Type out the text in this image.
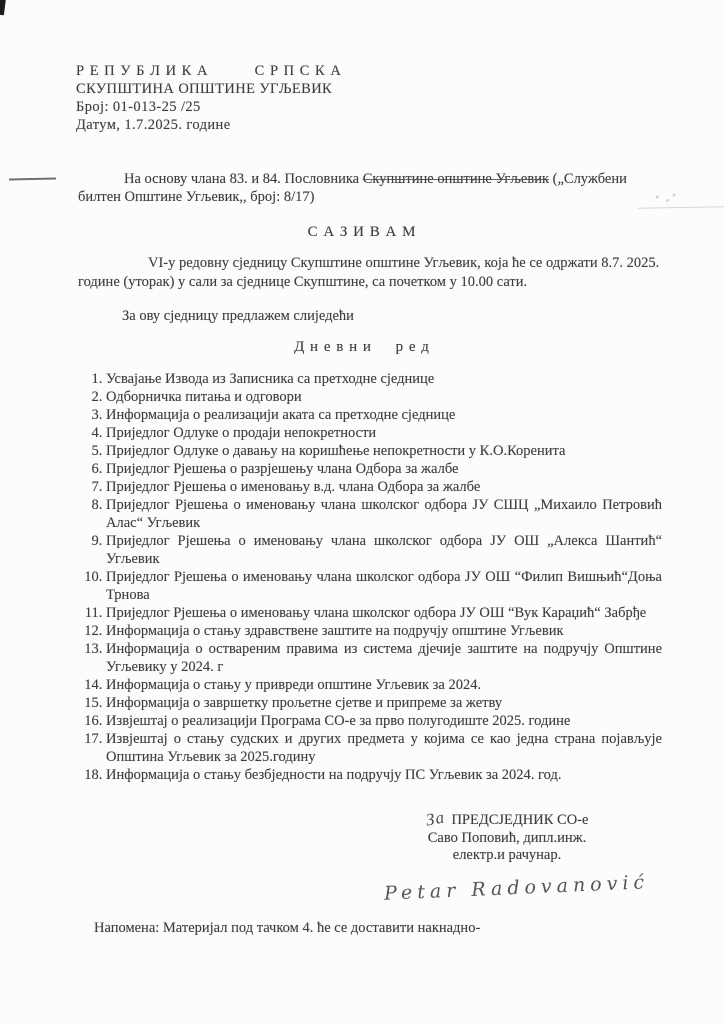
Р Е П У Б Л И К А          С Р П С К А
СКУПШТИНА ОПШТИНЕ УГЉЕВИК
Број: 01-013-25 /25
Датум, 1.7.2025. године

На основу члана 83. и 84. Пословника Скупштине општине Угљевик („Службени билтен Општине Угљевик,, број: 8/17)

С А З И В А М

VI-у редовну сједницу Скупштине општине Угљевик, која ће се одржати 8.7. 2025. године (уторак) у сали за сједнице Скупштине, са почетком у 10.00 сати.

За ову сједницу предлажем слиједећи

Д н е в н и     р е д
1. Усвајање Извода из Записника са претходне сједнице
2. Одборничка питања и одговори
3. Информација о реализацији аката са претходне сједнице
4. Приједлог Одлуке о продаји непокретности
5. Приједлог Одлуке о давању на коришћење непокретности у К.О.Коренита
6. Приједлог Рјешења о разрјешењу члана Одбора за жалбе
7. Приједлог Рјешења о именовању в.д. члана Одбора за жалбе
8. Приједлог Рјешења о именовању члана школског одбора ЈУ СШЦ „Михаило Петровић Алас“ Угљевик
9. Приједлог Рјешења о именовању члана школског одбора ЈУ ОШ „Алекса Шантић“ Угљевик
10. Приједлог Рјешења о именовању члана школског одбора ЈУ ОШ “Филип Вишњић“Доња Трнова
11. Приједлог Рјешења о именовању члана школског одбора ЈУ ОШ “Вук Караџић“ Забрђе
12. Информација о стању здравствене заштите на подручју општине Угљевик
13. Информација о оствареним правима из система дјечије заштите на подручју Општине Угљевику у 2024. г
14. Информација о стању у привреди општине Угљевик за 2024.
15. Информација о завршетку прољетне сјетве и припреме за жетву
16. Извјештај о реализацији Програма СО-е за прво полугодиште 2025. године
17. Извјештај о стању судских и других предмета у којима се као једна страна појављује Општина Угљевик за 2025.годину
18. Информација о стању безбједности на подручју ПС Угљевик за 2024. год.
За ПРЕДСЈЕДНИК СО-е
Саво Поповић, дипл.инж.
електр.и рачунар.
Petar Radovanović

Напомена: Материјал под тачком 4. ће се доставити накнадно-
